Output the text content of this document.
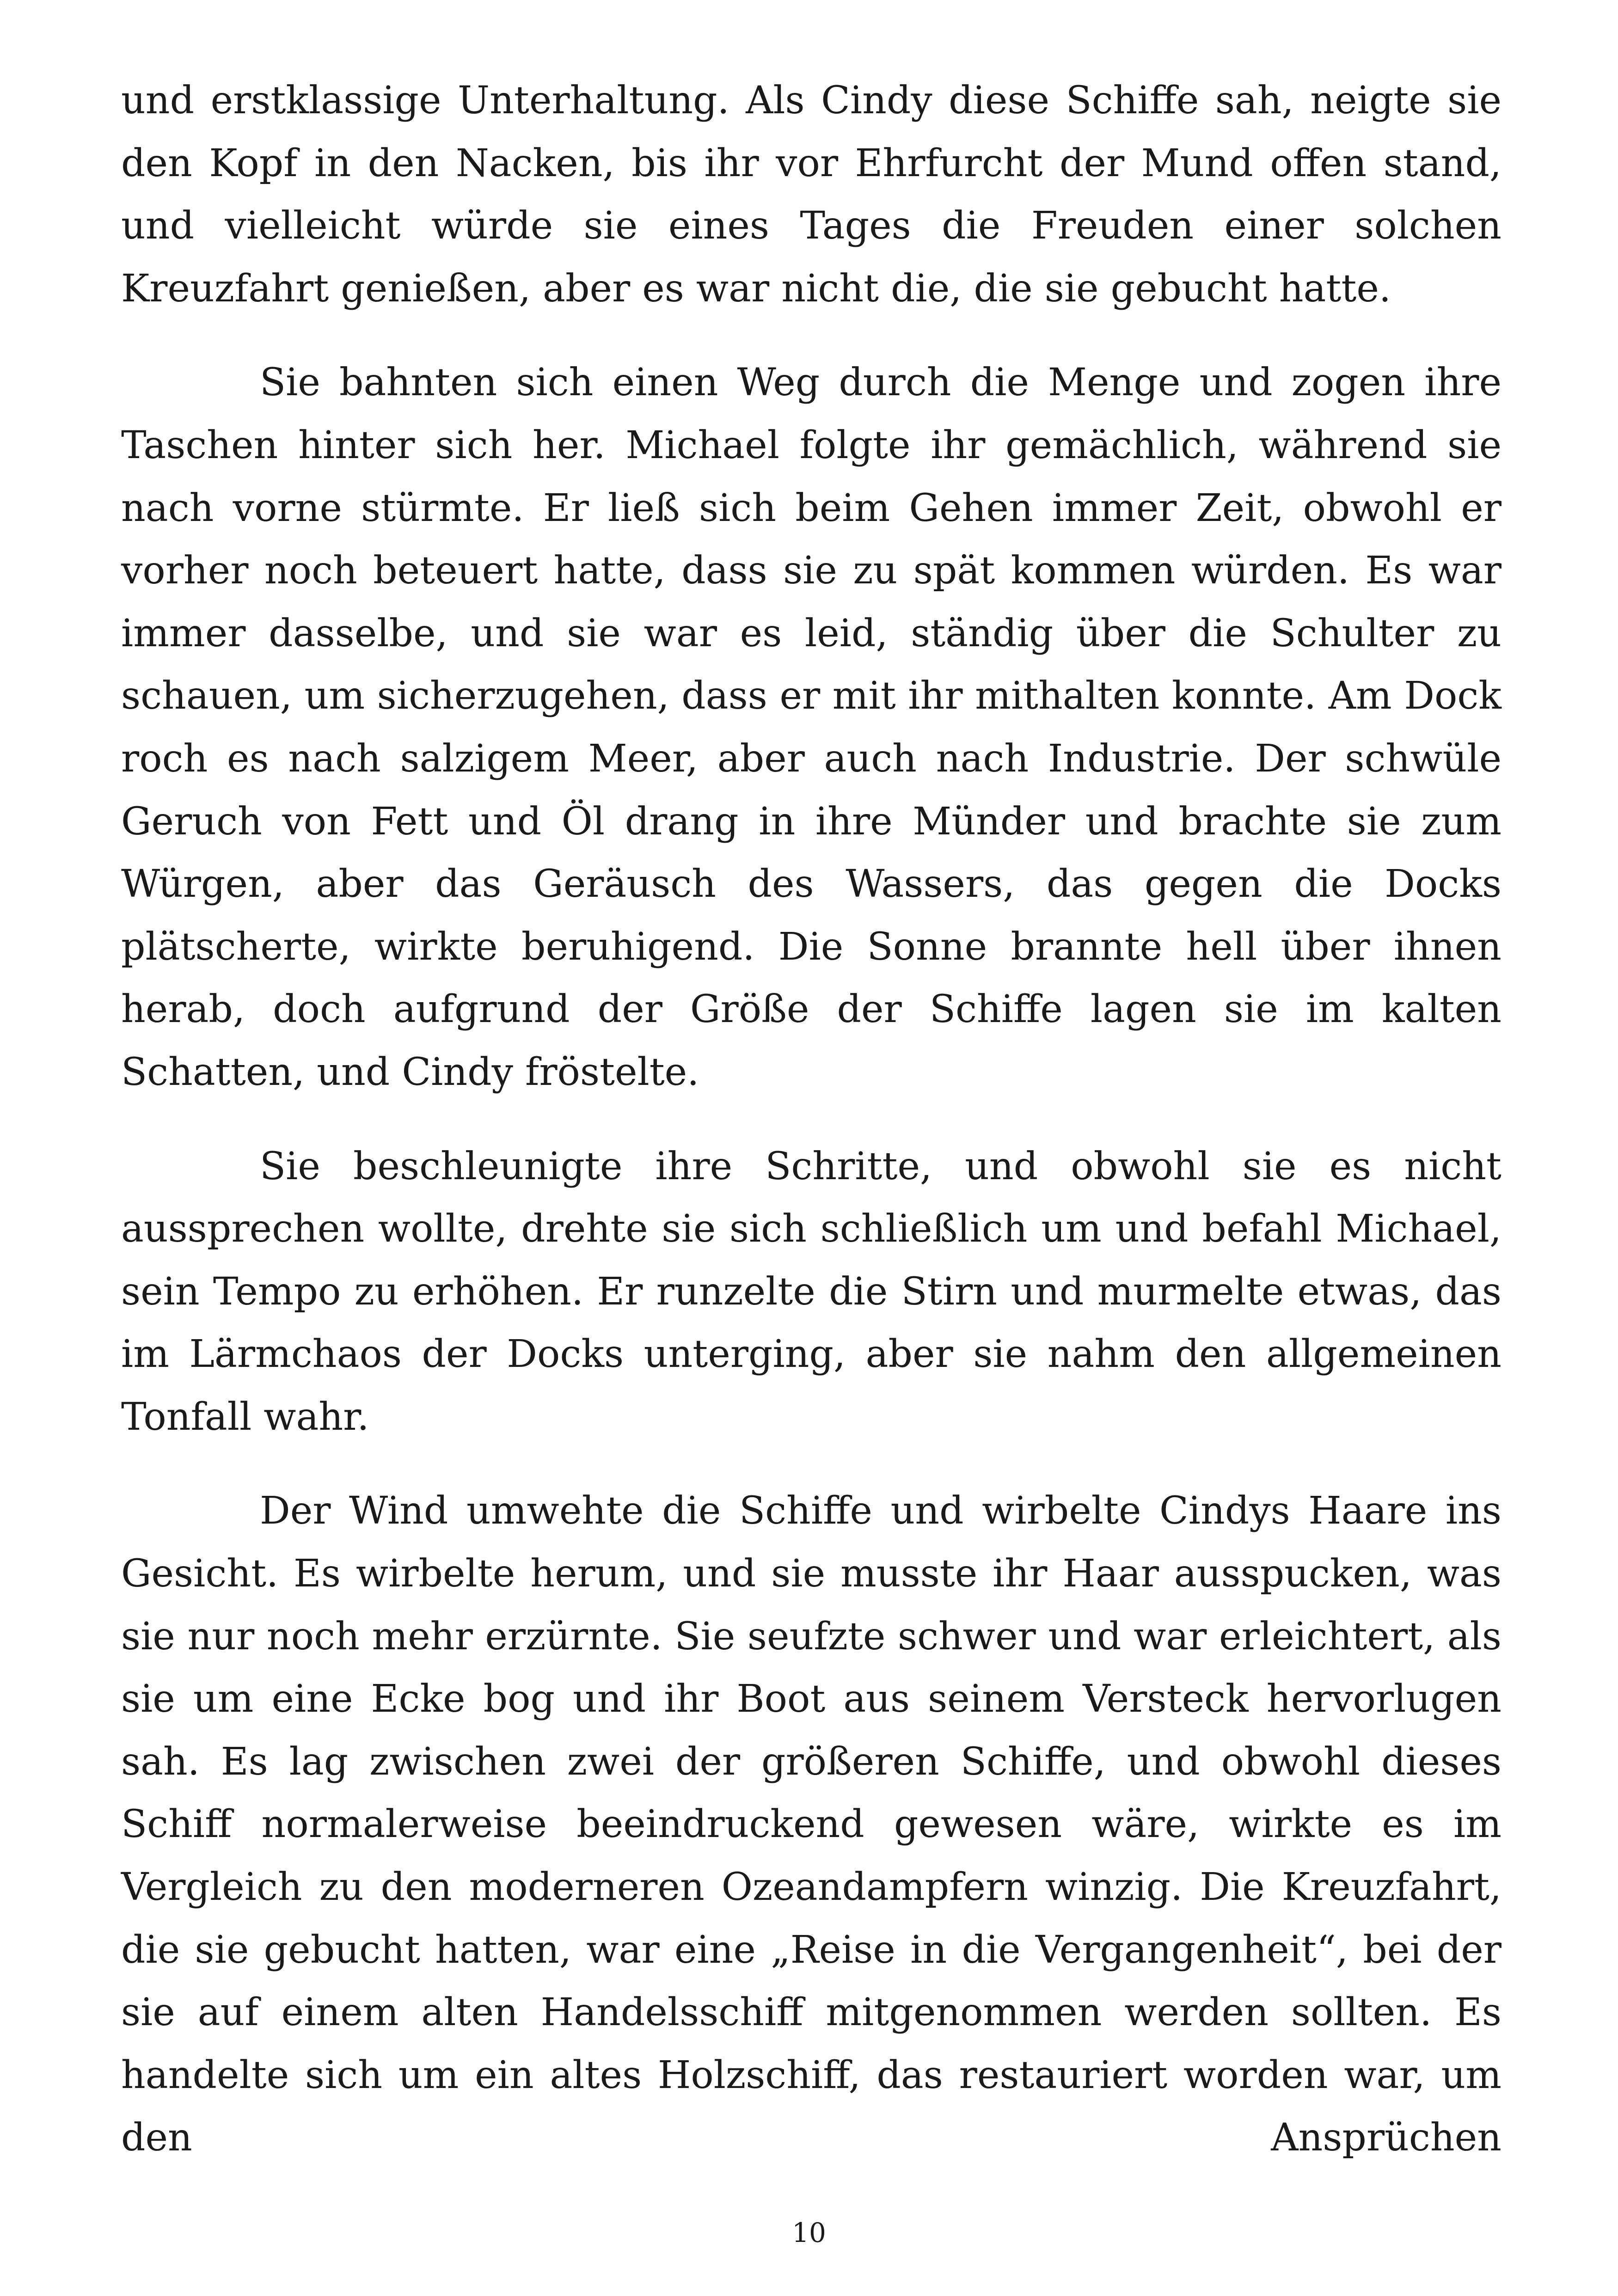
und erstklassige Unterhaltung. Als Cindy diese Schiffe sah, neigte sie den Kopf in den Nacken, bis ihr vor Ehrfurcht der Mund offen stand, und vielleicht würde sie eines Tages die Freuden einer solchen Kreuzfahrt genießen, aber es war nicht die, die sie gebucht hatte.

Sie bahnten sich einen Weg durch die Menge und zogen ihre Taschen hinter sich her. Michael folgte ihr gemächlich, während sie nach vorne stürmte. Er ließ sich beim Gehen immer Zeit, obwohl er vorher noch beteuert hatte, dass sie zu spät kommen würden. Es war immer dasselbe, und sie war es leid, ständig über die Schulter zu schauen, um sicherzugehen, dass er mit ihr mithalten konnte. Am Dock roch es nach salzigem Meer, aber auch nach Industrie. Der schwüle Geruch von Fett und Öl drang in ihre Münder und brachte sie zum Würgen, aber das Geräusch des Wassers, das gegen die Docks plätscherte, wirkte beruhigend. Die Sonne brannte hell über ihnen herab, doch aufgrund der Größe der Schiffe lagen sie im kalten Schatten, und Cindy fröstelte.

Sie beschleunigte ihre Schritte, und obwohl sie es nicht aussprechen wollte, drehte sie sich schließlich um und befahl Michael, sein Tempo zu erhöhen. Er runzelte die Stirn und murmelte etwas, das im Lärmchaos der Docks unterging, aber sie nahm den allgemeinen Tonfall wahr.

Der Wind umwehte die Schiffe und wirbelte Cindys Haare ins Gesicht. Es wirbelte herum, und sie musste ihr Haar ausspucken, was sie nur noch mehr erzürnte. Sie seufzte schwer und war erleichtert, als sie um eine Ecke bog und ihr Boot aus seinem Versteck hervorlugen sah. Es lag zwischen zwei der größeren Schiffe, und obwohl dieses Schiff normalerweise beeindruckend gewesen wäre, wirkte es im Vergleich zu den moderneren Ozeandampfern winzig. Die Kreuzfahrt, die sie gebucht hatten, war eine „Reise in die Vergangenheit“, bei der sie auf einem alten Handelsschiff mitgenommen werden sollten. Es handelte sich um ein altes Holzschiff, das restauriert worden war, um den Ansprüchen

10
